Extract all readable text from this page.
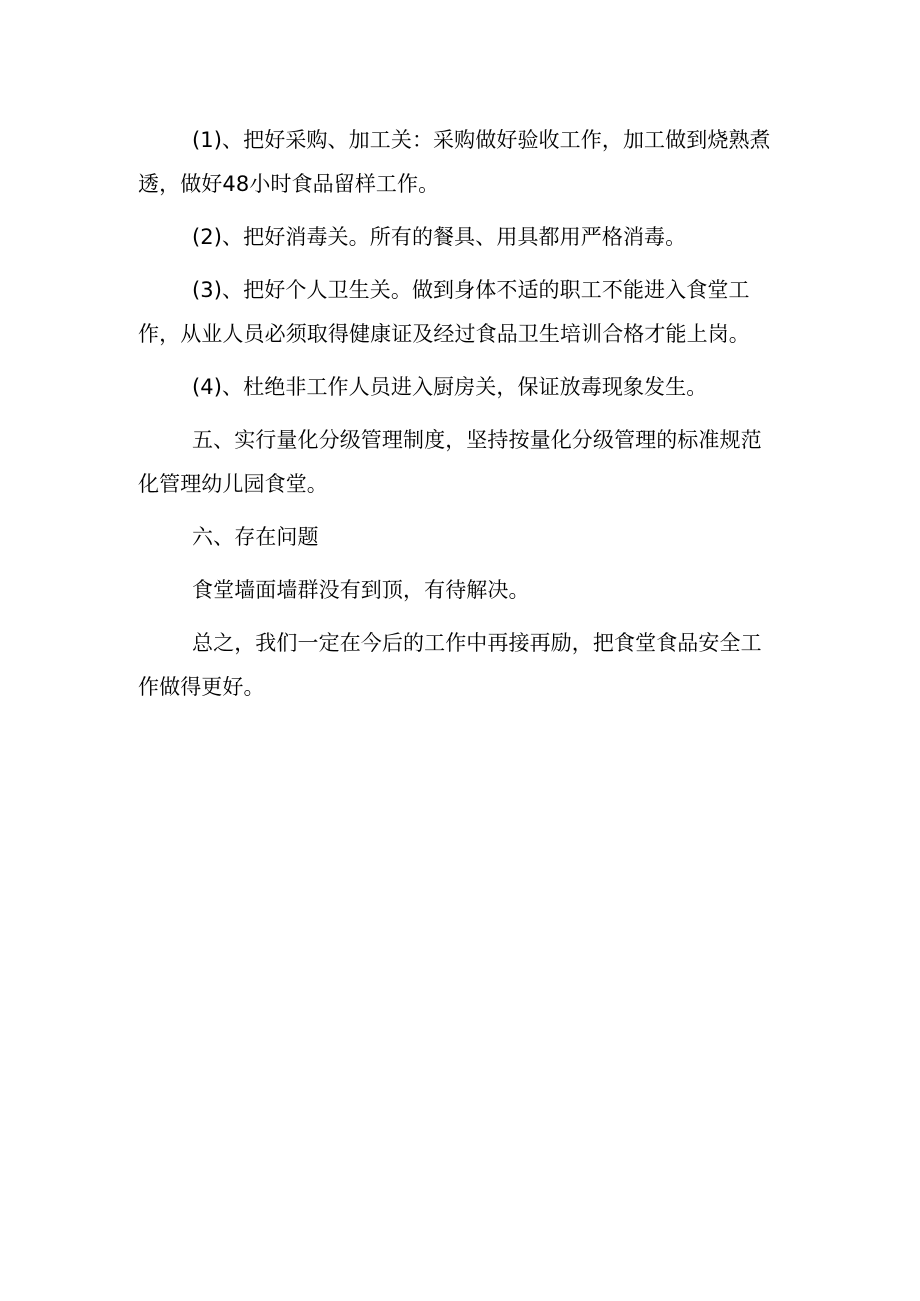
(1)、把好采购、加工关：采购做好验收工作，加工做到烧熟煮透，做好48小时食品留样工作。

(2)、把好消毒关。所有的餐具、用具都用严格消毒。

(3)、把好个人卫生关。做到身体不适的职工不能进入食堂工作，从业人员必须取得健康证及经过食品卫生培训合格才能上岗。

(4)、杜绝非工作人员进入厨房关，保证放毒现象发生。

五、实行量化分级管理制度，坚持按量化分级管理的标准规范化管理幼儿园食堂。

六、存在问题

食堂墙面墙群没有到顶，有待解决。

总之，我们一定在今后的工作中再接再励，把食堂食品安全工作做得更好。
